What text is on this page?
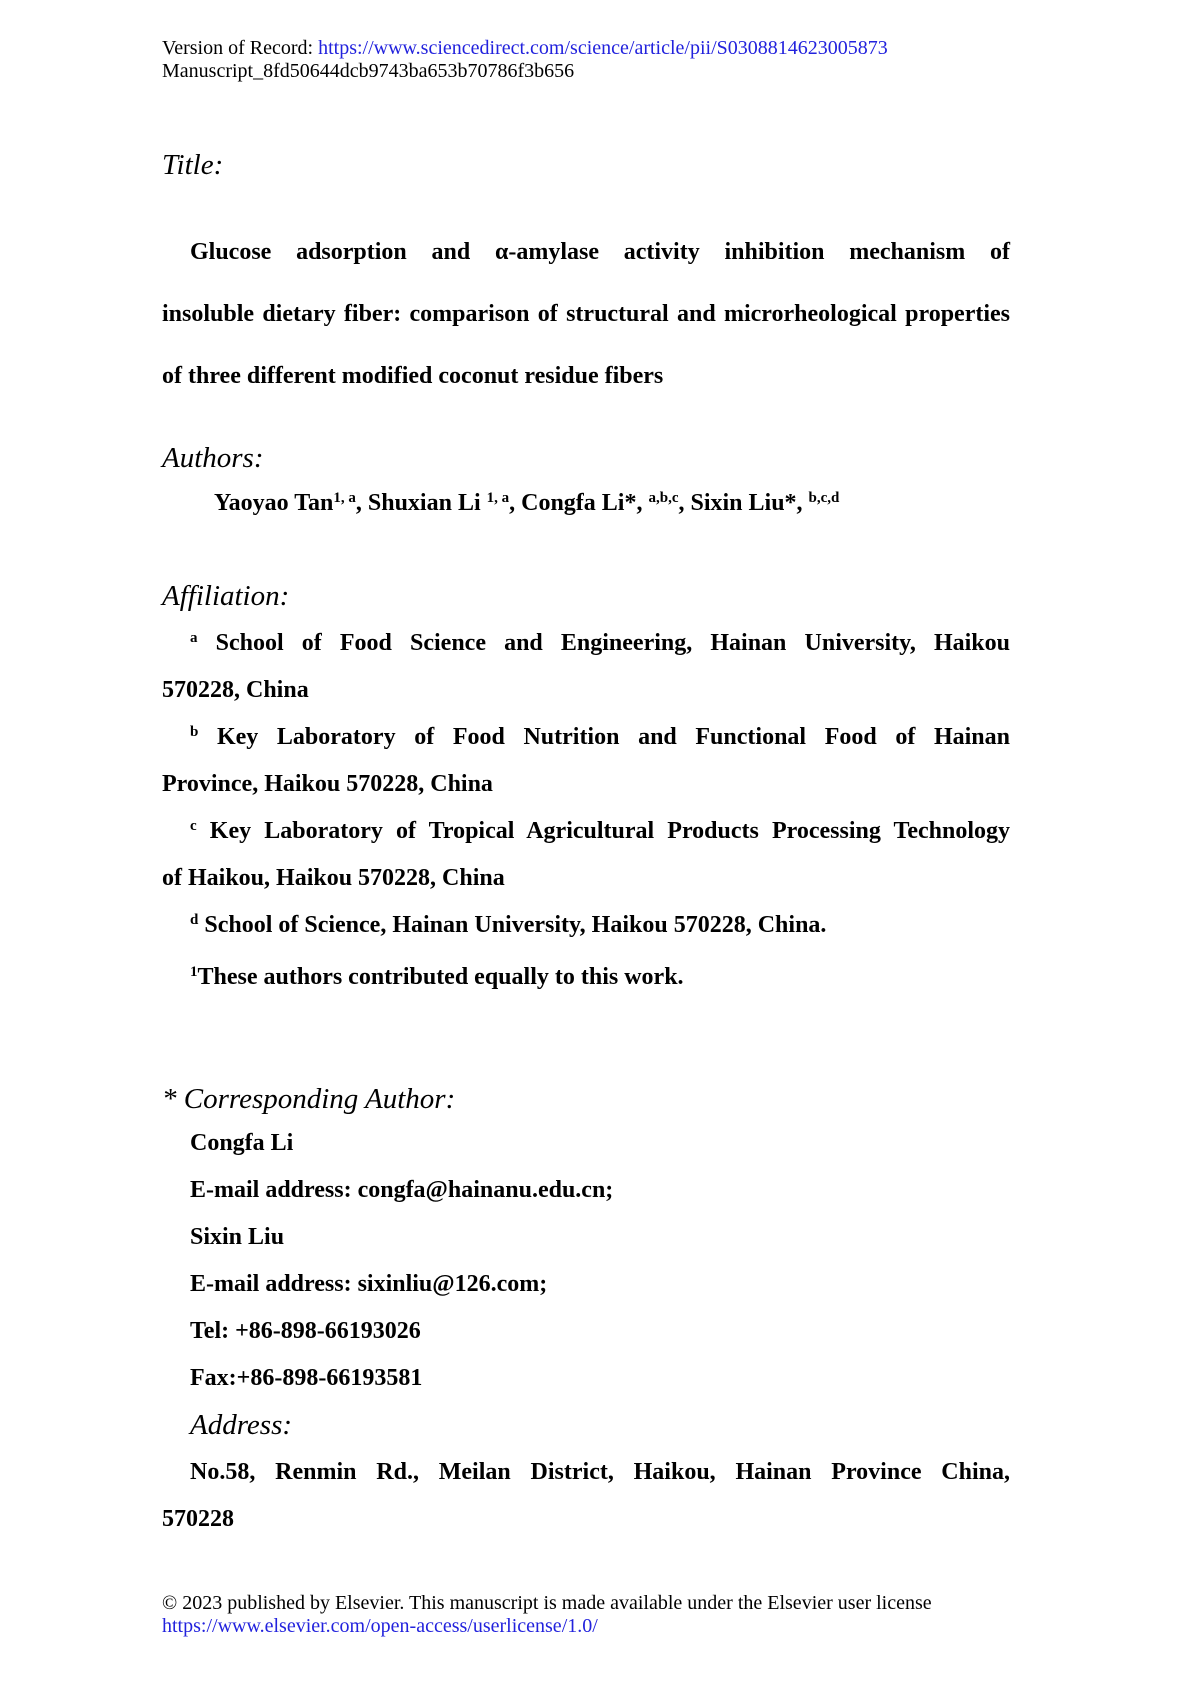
Version of Record: https://www.sciencedirect.com/science/article/pii/S0308814623005873
Manuscript_8fd50644dcb9743ba653b70786f3b656
Title:
Glucose adsorption and α-amylase activity inhibition mechanism of
insoluble dietary fiber: comparison of structural and microrheological properties
of three different modified coconut residue fibers
Authors:
Yaoyao Tan$^{1, a}$, Shuxian Li $^{1, a}$, Congfa Li*, $^{a,b,c}$, Sixin Liu*, $^{b,c,d}$
Affiliation:
$^a$ School of Food Science and Engineering, Hainan University, Haikou
570228, China
$^b$ Key Laboratory of Food Nutrition and Functional Food of Hainan
Province, Haikou 570228, China
$^c$ Key Laboratory of Tropical Agricultural Products Processing Technology
of Haikou, Haikou 570228, China
$^d$ School of Science, Hainan University, Haikou 570228, China.
$^1$These authors contributed equally to this work.
* Corresponding Author:
Congfa Li
E-mail address: congfa@hainanu.edu.cn;
Sixin Liu
E-mail address: sixinliu@126.com;
Tel: +86-898-66193026
Fax:+86-898-66193581
Address:
No.58, Renmin Rd., Meilan District, Haikou, Hainan Province China,
570228
© 2023 published by Elsevier. This manuscript is made available under the Elsevier user license
https://www.elsevier.com/open-access/userlicense/1.0/
